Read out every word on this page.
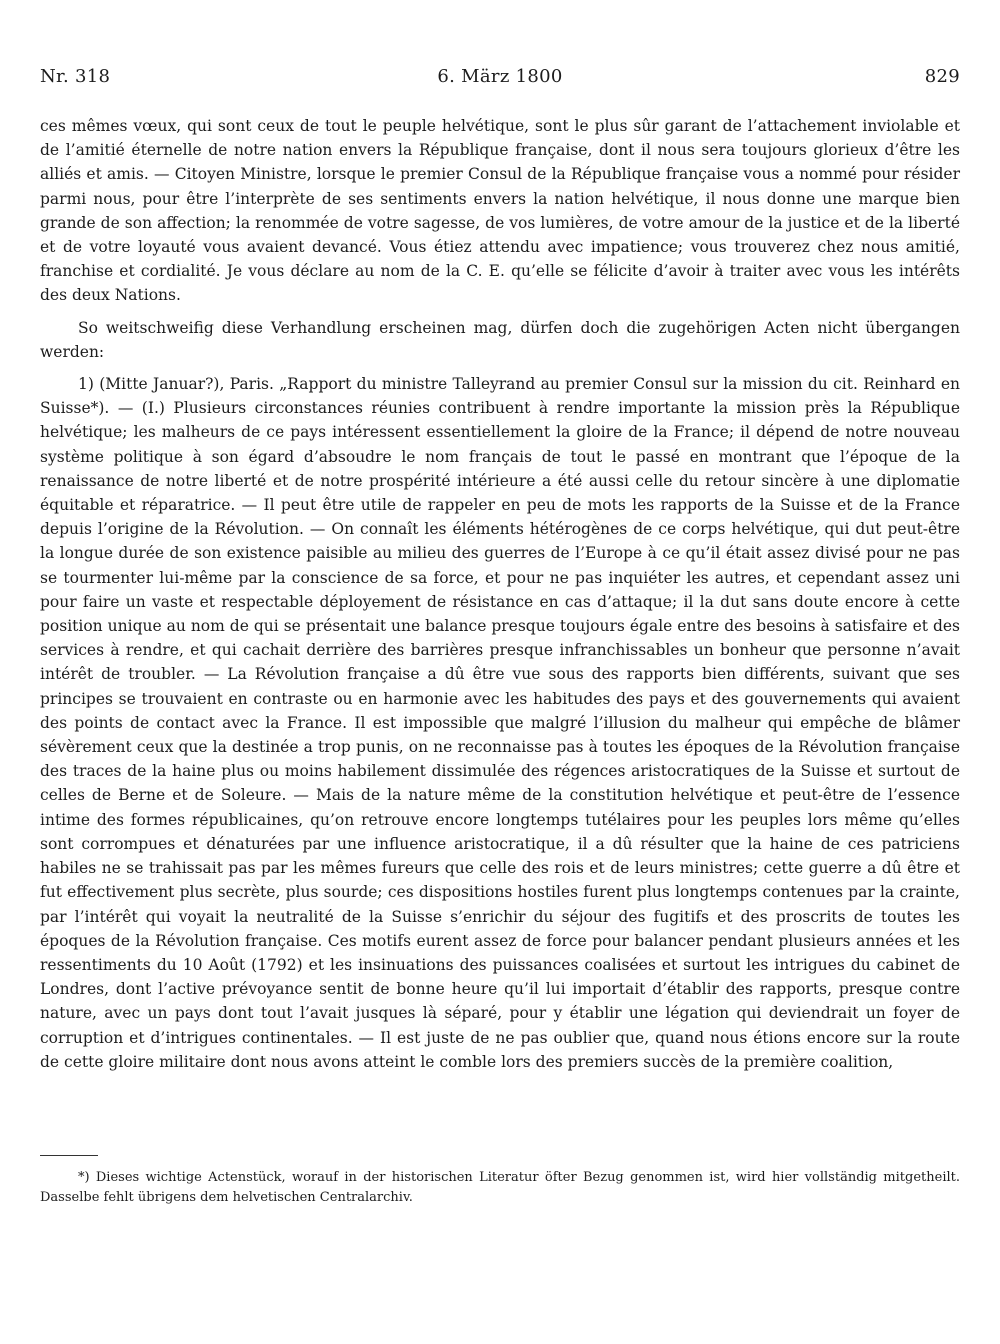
Nr. 318	6. März 1800	829

ces mêmes vœux, qui sont ceux de tout le peuple helvétique, sont le plus sûr garant de l’attachement inviolable et de l’amitié éternelle de notre nation envers la République française, dont il nous sera toujours glorieux d’être les alliés et amis. — Citoyen Ministre, lorsque le premier Consul de la République française vous a nommé pour résider parmi nous, pour être l’interprète de ses sentiments envers la nation helvétique, il nous donne une marque bien grande de son affection; la renommée de votre sagesse, de vos lumières, de votre amour de la justice et de la liberté et de votre loyauté vous avaient devancé. Vous étiez attendu avec impatience; vous trouverez chez nous amitié, franchise et cordialité. Je vous déclare au nom de la C. E. qu’elle se félicite d’avoir à traiter avec vous les intérêts des deux Nations.

So weitschweifig diese Verhandlung erscheinen mag, dürfen doch die zugehörigen Acten nicht übergangen werden:

1) (Mitte Januar?), Paris. „Rapport du ministre Talleyrand au premier Consul sur la mission du cit. Reinhard en Suisse*). — (I.) Plusieurs circonstances réunies contribuent à rendre importante la mission près la République helvétique; les malheurs de ce pays intéressent essentiellement la gloire de la France; il dépend de notre nouveau système politique à son égard d’absoudre le nom français de tout le passé en montrant que l’époque de la renaissance de notre liberté et de notre prospérité intérieure a été aussi celle du retour sincère à une diplomatie équitable et réparatrice. — Il peut être utile de rappeler en peu de mots les rapports de la Suisse et de la France depuis l’origine de la Révolution. — On connaît les éléments hétérogènes de ce corps helvétique, qui dut peut-être la longue durée de son existence paisible au milieu des guerres de l’Europe à ce qu’il était assez divisé pour ne pas se tourmenter lui-même par la conscience de sa force, et pour ne pas inquiéter les autres, et cependant assez uni pour faire un vaste et respectable déployement de résistance en cas d’attaque; il la dut sans doute encore à cette position unique au nom de qui se présentait une balance presque toujours égale entre des besoins à satisfaire et des services à rendre, et qui cachait derrière des barrières presque infranchissables un bonheur que personne n’avait intérêt de troubler. — La Révolution française a dû être vue sous des rapports bien différents, suivant que ses principes se trouvaient en contraste ou en harmonie avec les habitudes des pays et des gouvernements qui avaient des points de contact avec la France. Il est impossible que malgré l’illusion du malheur qui empêche de blâmer sévèrement ceux que la destinée a trop punis, on ne reconnaisse pas à toutes les époques de la Révolution française des traces de la haine plus ou moins habilement dissimulée des régences aristocratiques de la Suisse et surtout de celles de Berne et de Soleure. — Mais de la nature même de la constitution helvétique et peut-être de l’essence intime des formes républicaines, qu’on retrouve encore longtemps tutélaires pour les peuples lors même qu’elles sont corrompues et dénaturées par une influence aristocratique, il a dû résulter que la haine de ces patriciens habiles ne se trahissait pas par les mêmes fureurs que celle des rois et de leurs ministres; cette guerre a dû être et fut effectivement plus secrète, plus sourde; ces dispositions hostiles furent plus longtemps contenues par la crainte, par l’intérêt qui voyait la neutralité de la Suisse s’enrichir du séjour des fugitifs et des proscrits de toutes les époques de la Révolution française. Ces motifs eurent assez de force pour balancer pendant plusieurs années et les ressentiments du 10 Août (1792) et les insinuations des puissances coalisées et surtout les intrigues du cabinet de Londres, dont l’active prévoyance sentit de bonne heure qu’il lui importait d’établir des rapports, presque contre nature, avec un pays dont tout l’avait jusques là séparé, pour y établir une légation qui deviendrait un foyer de corruption et d’intrigues continentales. — Il est juste de ne pas oublier que, quand nous étions encore sur la route de cette gloire militaire dont nous avons atteint le comble lors des premiers succès de la première coalition,

*) Dieses wichtige Actenstück, worauf in der historischen Literatur öfter Bezug genommen ist, wird hier vollständig mitgetheilt. Dasselbe fehlt übrigens dem helvetischen Centralarchiv.
